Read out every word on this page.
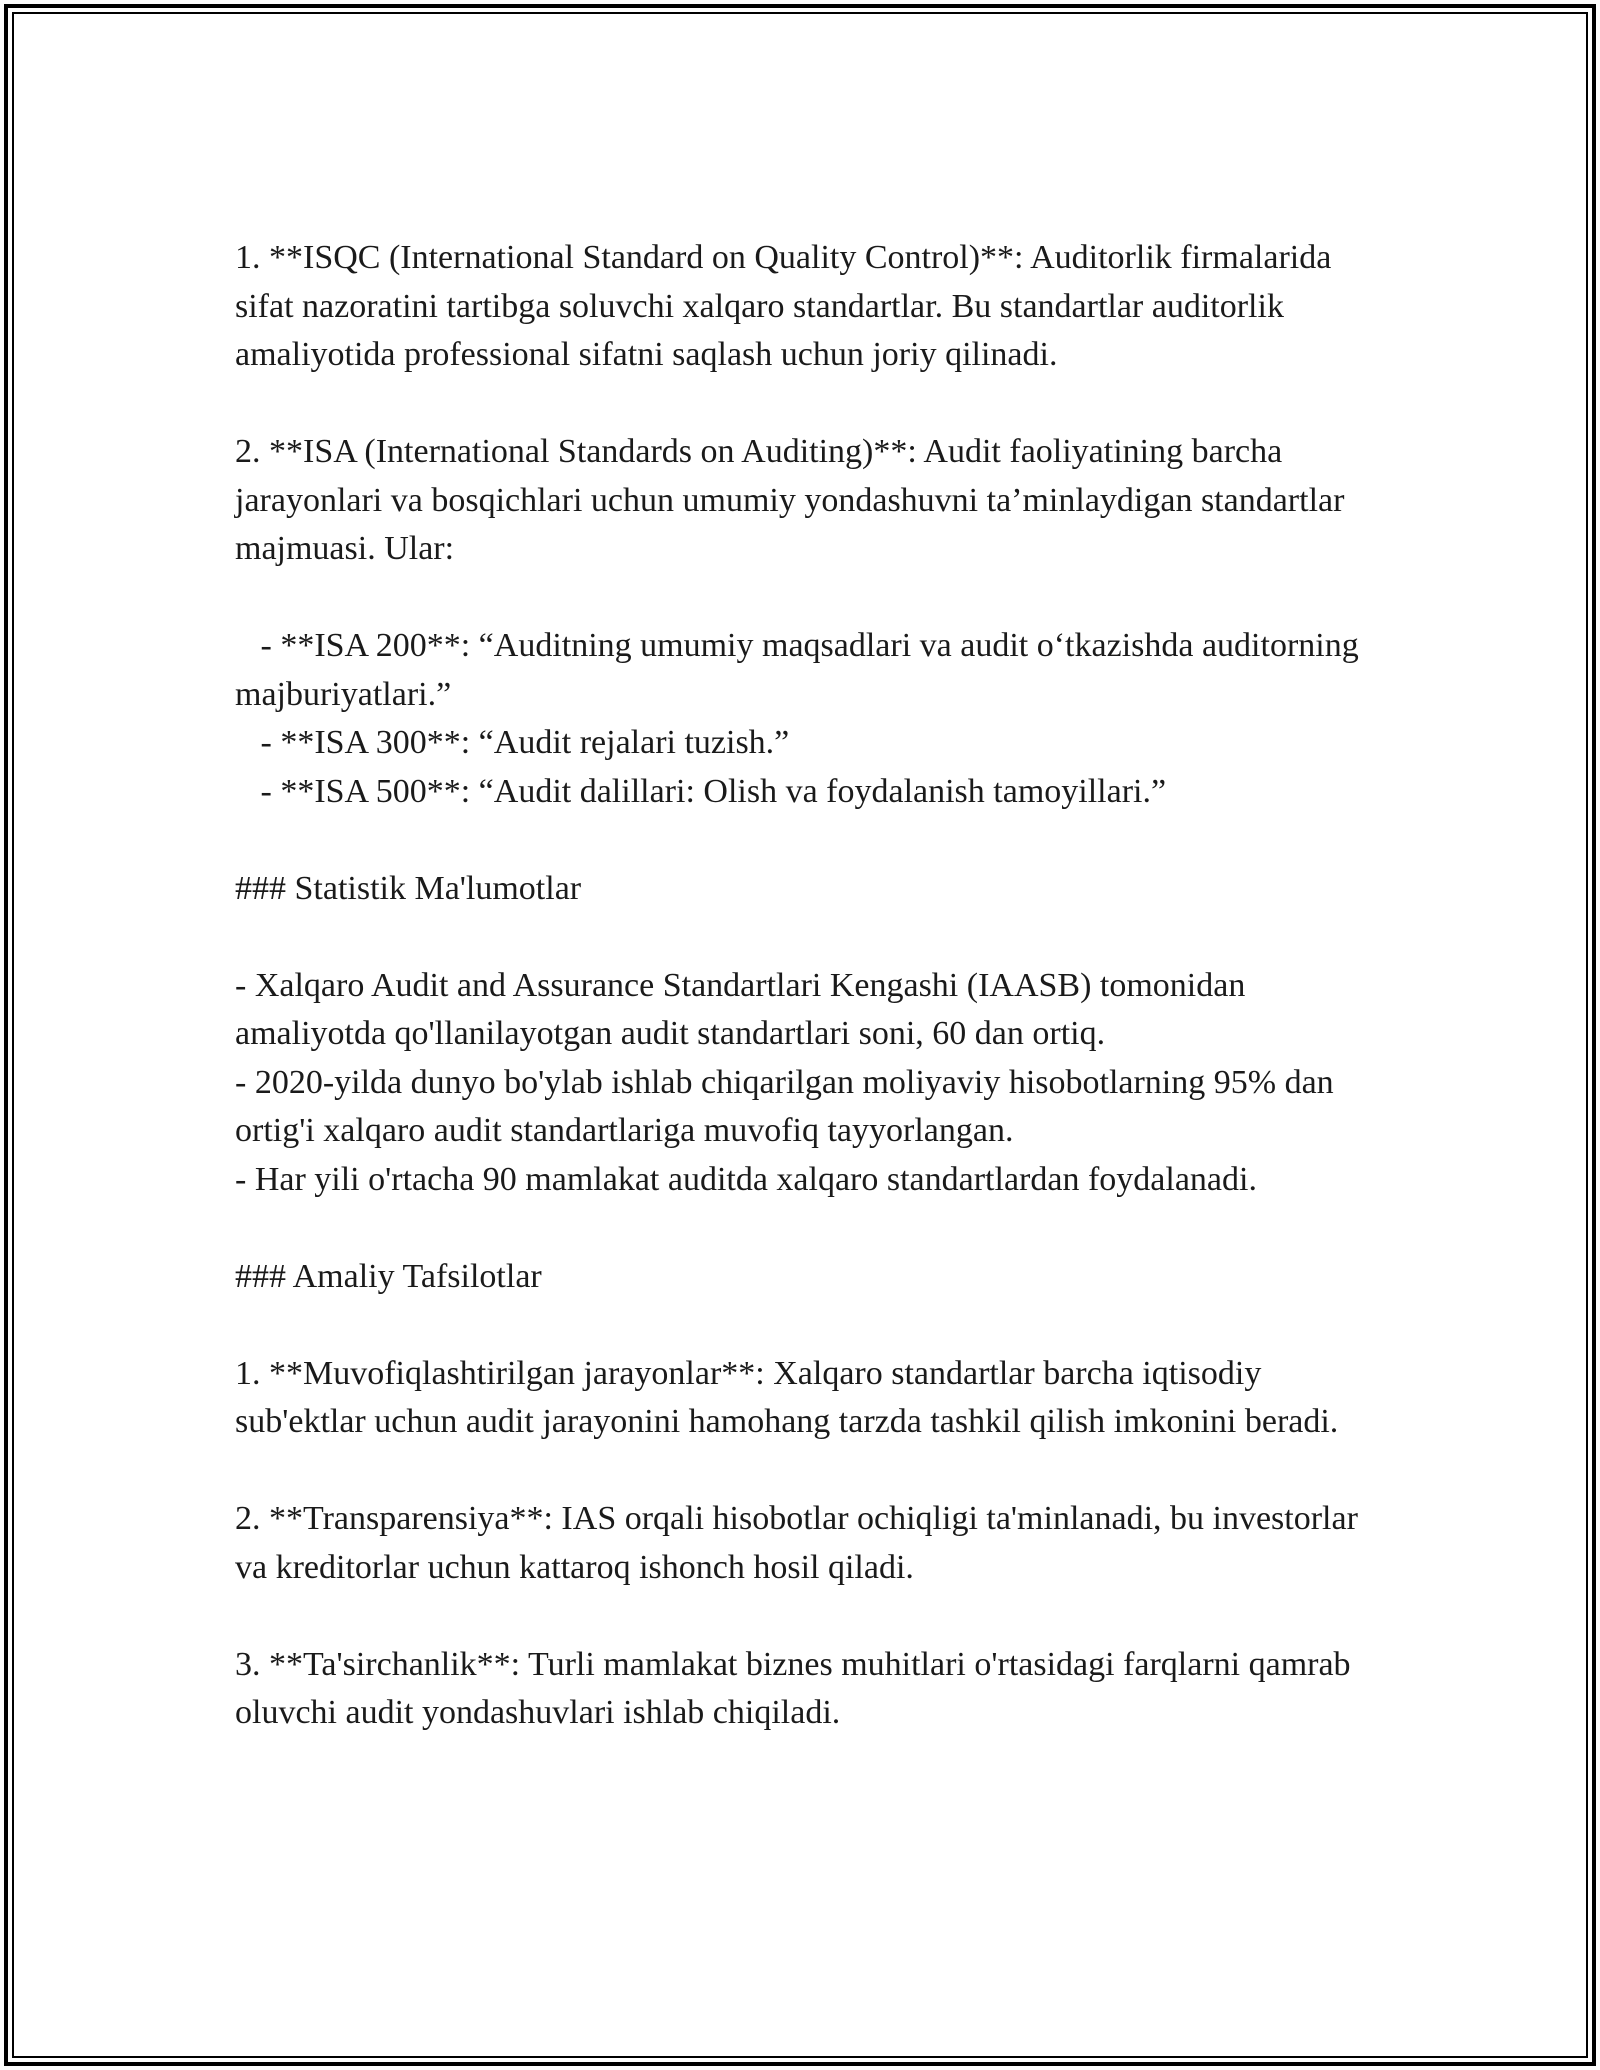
1. **ISQC (International Standard on Quality Control)**: Auditorlik firmalarida sifat nazoratini tartibga soluvchi xalqaro standartlar. Bu standartlar auditorlik amaliyotida professional sifatni saqlash uchun joriy qilinadi.

2. **ISA (International Standards on Auditing)**: Audit faoliyatining barcha jarayonlari va bosqichlari uchun umumiy yondashuvni ta’minlaydigan standartlar majmuasi. Ular:

- **ISA 200**: “Auditning umumiy maqsadlari va audit o‘tkazishda auditorning majburiyatlari.”

- **ISA 300**: “Audit rejalari tuzish.”

- **ISA 500**: “Audit dalillari: Olish va foydalanish tamoyillari.”

### Statistik Ma'lumotlar

- Xalqaro Audit and Assurance Standartlari Kengashi (IAASB) tomonidan amaliyotda qo'llanilayotgan audit standartlari soni, 60 dan ortiq.

- 2020-yilda dunyo bo'ylab ishlab chiqarilgan moliyaviy hisobotlarning 95% dan ortig'i xalqaro audit standartlariga muvofiq tayyorlangan.

- Har yili o'rtacha 90 mamlakat auditda xalqaro standartlardan foydalanadi.

### Amaliy Tafsilotlar

1. **Muvofiqlashtirilgan jarayonlar**: Xalqaro standartlar barcha iqtisodiy sub'ektlar uchun audit jarayonini hamohang tarzda tashkil qilish imkonini beradi.

2. **Transparensiya**: IAS orqali hisobotlar ochiqligi ta'minlanadi, bu investorlar va kreditorlar uchun kattaroq ishonch hosil qiladi.

3. **Ta'sirchanlik**: Turli mamlakat biznes muhitlari o'rtasidagi farqlarni qamrab oluvchi audit yondashuvlari ishlab chiqiladi.
